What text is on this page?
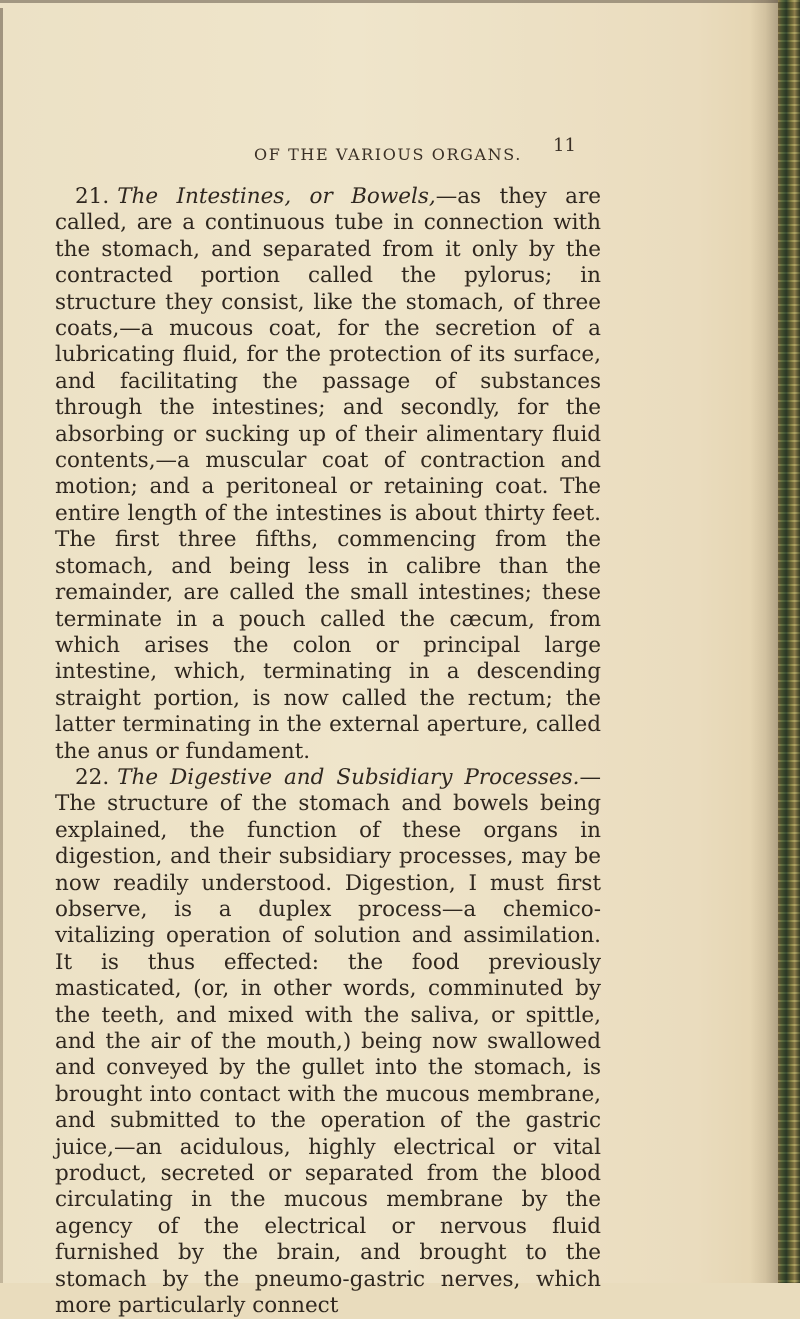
OF THE VARIOUS ORGANS.	11

21. The Intestines, or Bowels,—as they are called, are a continuous tube in connection with the stomach, and separated from it only by the contracted portion called the pylorus; in structure they consist, like the stomach, of three coats,—a mucous coat, for the secretion of a lubricating fluid, for the protection of its surface, and facilitating the passage of substances through the intestines; and secondly, for the absorbing or sucking up of their alimentary fluid contents,—a muscular coat of contraction and motion; and a peritoneal or retaining coat. The entire length of the intestines is about thirty feet. The first three fifths, commencing from the stomach, and being less in calibre than the remainder, are called the small intestines; these terminate in a pouch called the cæcum, from which arises the colon or principal large intestine, which, terminating in a descending straight portion, is now called the rectum; the latter terminating in the external aperture, called the anus or fundament.

22. The Digestive and Subsidiary Processes.—The structure of the stomach and bowels being explained, the function of these organs in digestion, and their subsidiary processes, may be now readily understood. Digestion, I must first observe, is a duplex process—a chemico-vitalizing operation of solution and assimilation. It is thus effected: the food previously masticated, (or, in other words, comminuted by the teeth, and mixed with the saliva, or spittle, and the air of the mouth,) being now swallowed and conveyed by the gullet into the stomach, is brought into contact with the mucous membrane, and submitted to the operation of the gastric juice,—an acidulous, highly electrical or vital product, secreted or separated from the blood circulating in the mucous membrane by the agency of the electrical or nervous fluid furnished by the brain, and brought to the stomach by the pneumo-gastric nerves, which more particularly connect
